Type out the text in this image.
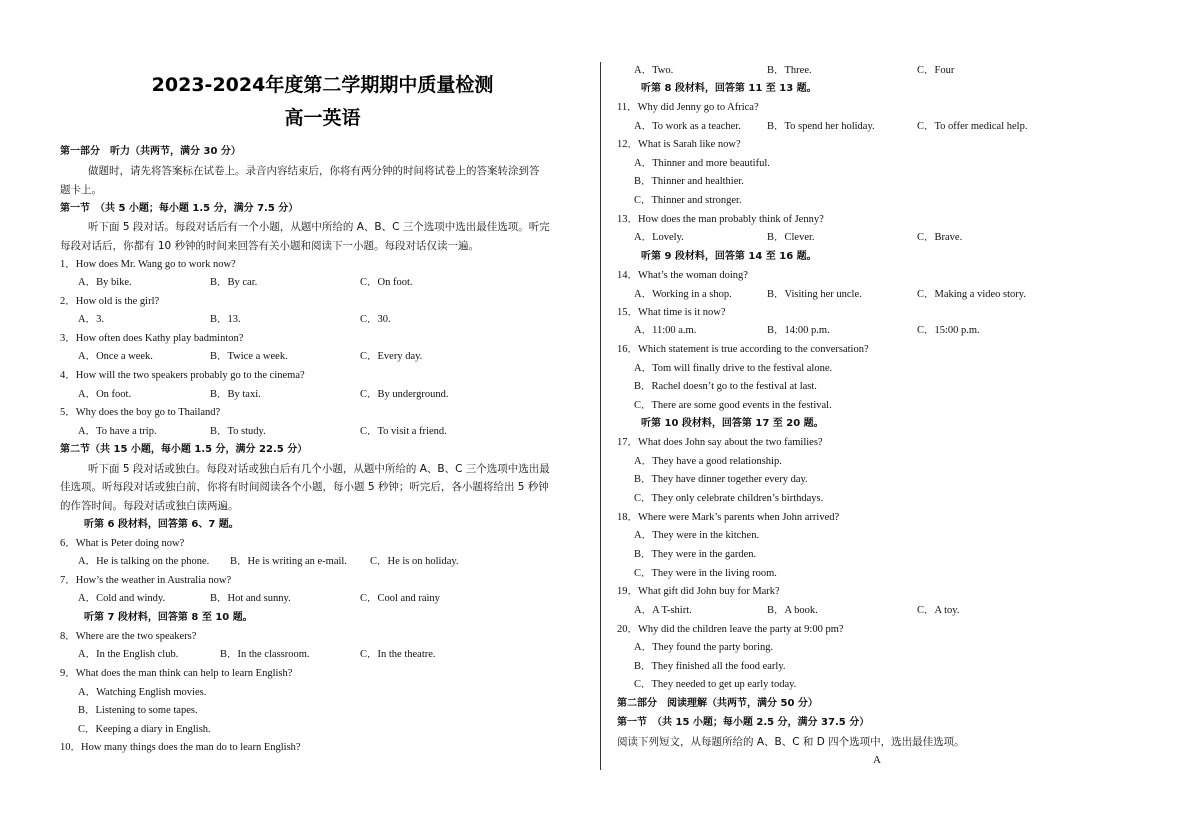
2023-2024年度第二学期期中质量检测
高一英语
第一部分　听力（共两节，满分 30 分）
做题时，请先将答案标在试卷上。录音内容结束后，你将有两分钟的时间将试卷上的答案转涂到答
题卡上。
第一节　（共 5 小题；每小题 1.5 分，满分 7.5 分）
听下面 5 段对话。每段对话后有一个小题，从题中所给的 A、B、C 三个选项中选出最佳选项。听完
每段对话后，你都有 10 秒钟的时间来回答有关小题和阅读下一小题。每段对话仅读一遍。
1．How does Mr. Wang go to work now?
A．By bike.	B．By car.	C．On foot.
2．How old is the girl?
A．3.	B．13.	C．30.
3．How often does Kathy play badminton?
A．Once a week.	B．Twice a week.	C．Every day.
4．How will the two speakers probably go to the cinema?
A．On foot.	B．By taxi.	C．By underground.
5．Why does the boy go to Thailand?
A．To have a trip.	B．To study.	C．To visit a friend.
第二节（共 15 小题，每小题 1.5 分，满分 22.5 分）
听下面 5 段对话或独白。每段对话或独白后有几个小题，从题中所给的 A、B、C 三个选项中选出最
佳选项。听每段对话或独白前，你将有时间阅读各个小题，每小题 5 秒钟；听完后，各小题将给出 5 秒钟
的作答时间。每段对话或独白读两遍。
听第 6 段材料，回答第 6、7 题。
6．What is Peter doing now?
A．He is talking on the phone. B．He is writing an e-mail. C．He is on holiday.
7．How’s the weather in Australia now?
A．Cold and windy.	B．Hot and sunny.	C．Cool and rainy
听第 7 段材料，回答第 8 至 10 题。
8．Where are the two speakers?
A．In the English club.	B．In the classroom.	C．In the theatre.
9．What does the man think can help to learn English?
A．Watching English movies.
B．Listening to some tapes.
C．Keeping a diary in English.
10．How many things does the man do to learn English?
A．Two.	B．Three.	C．Four
听第 8 段材料，回答第 11 至 13 题。
11．Why did Jenny go to Africa?
A．To work as a teacher. B．To spend her holiday.	C．To offer medical help.
12．What is Sarah like now?
A．Thinner and more beautiful.
B．Thinner and healthier.
C．Thinner and stronger.
13．How does the man probably think of Jenny?
A．Lovely.	B．Clever.	C．Brave.
听第 9 段材料，回答第 14 至 16 题。
14．What’s the woman doing?
A．Working in a shop.	B．Visiting her uncle.	C．Making a video story.
15．What time is it now?
A．11:00 a.m.	B．14:00 p.m.	C．15:00 p.m.
16．Which statement is true according to the conversation?
A．Tom will finally drive to the festival alone.
B．Rachel doesn’t go to the festival at last.
C．There are some good events in the festival.
听第 10 段材料，回答第 17 至 20 题。
17．What does John say about the two families?
A．They have a good relationship.
B．They have dinner together every day.
C．They only celebrate children’s birthdays.
18．Where were Mark’s parents when John arrived?
A．They were in the kitchen.
B．They were in the garden.
C．They were in the living room.
19．What gift did John buy for Mark?
A．A T-shirt.	B．A book.	C．A toy.
20．Why did the children leave the party at 9:00 pm?
A．They found the party boring.
B．They finished all the food early.
C．They needed to get up early today.
第二部分　阅读理解（共两节，满分 50 分）
第一节　（共 15 小题；每小题 2.5 分，满分 37.5 分）
阅读下列短文，从每题所给的 A、B、C 和 D 四个选项中，选出最佳选项。
A
